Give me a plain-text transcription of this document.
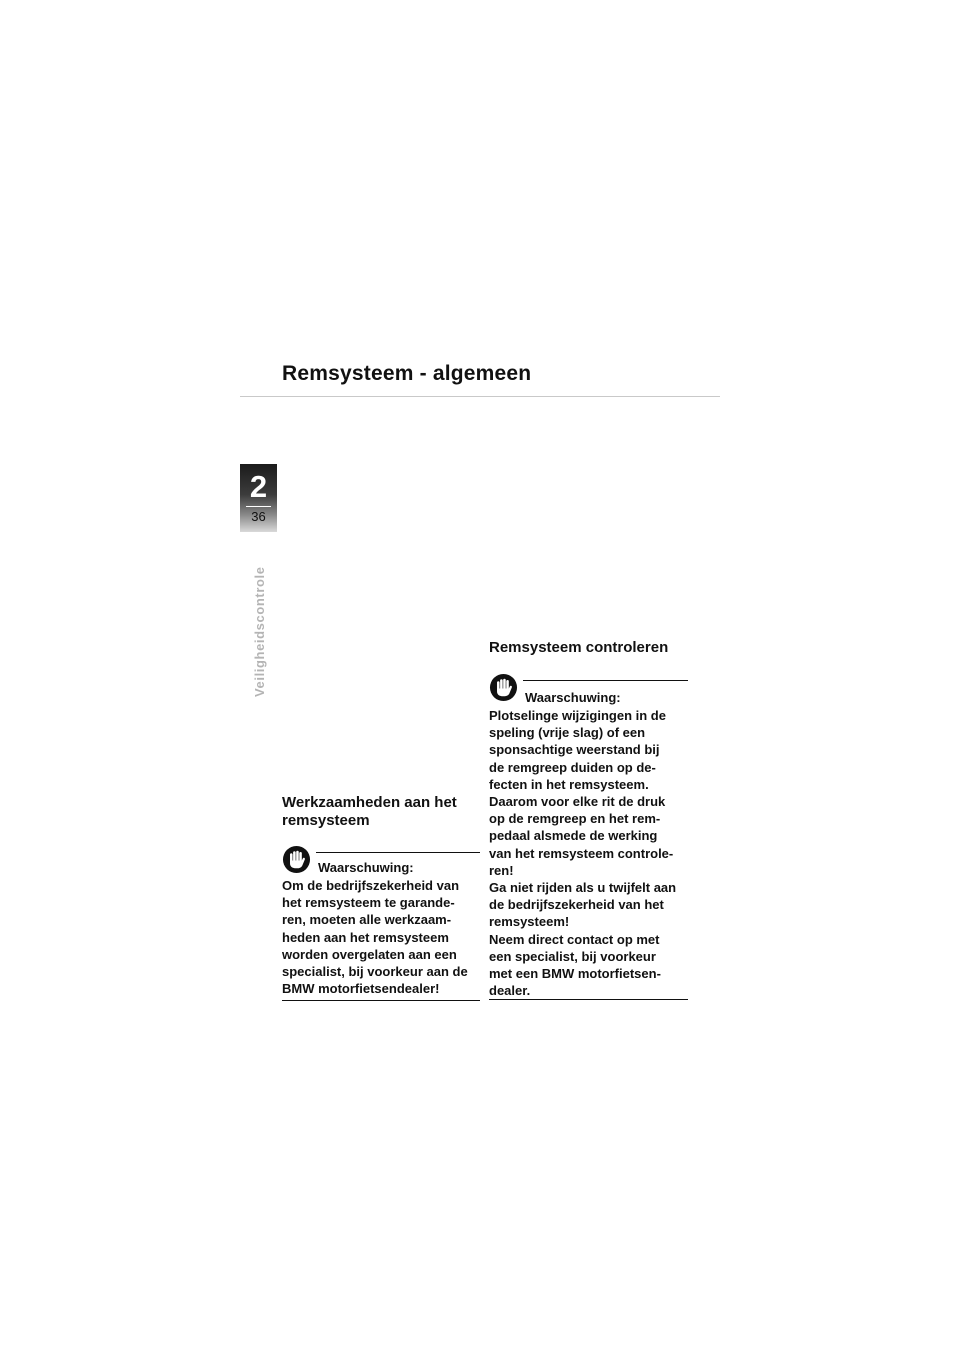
Remsysteem - algemeen
2
36
Veiligheidscontrole
Werkzaamheden aan het
remsysteem
Waarschuwing:
Om de bedrijfszekerheid van
het remsysteem te garande-
ren, moeten alle werkzaam-
heden aan het remsysteem
worden overgelaten aan een
specialist, bij voorkeur aan de
BMW motorfietsendealer!
Remsysteem controleren
Waarschuwing:
Plotselinge wijzigingen in de
speling (vrije slag) of een
sponsachtige weerstand bij
de remgreep duiden op de-
fecten in het remsysteem.
Daarom voor elke rit de druk
op de remgreep en het rem-
pedaal alsmede de werking
van het remsysteem controle-
ren!
Ga niet rijden als u twijfelt aan
de bedrijfszekerheid van het
remsysteem!
Neem direct contact op met
een specialist, bij voorkeur
met een BMW motorfietsen-
dealer.
